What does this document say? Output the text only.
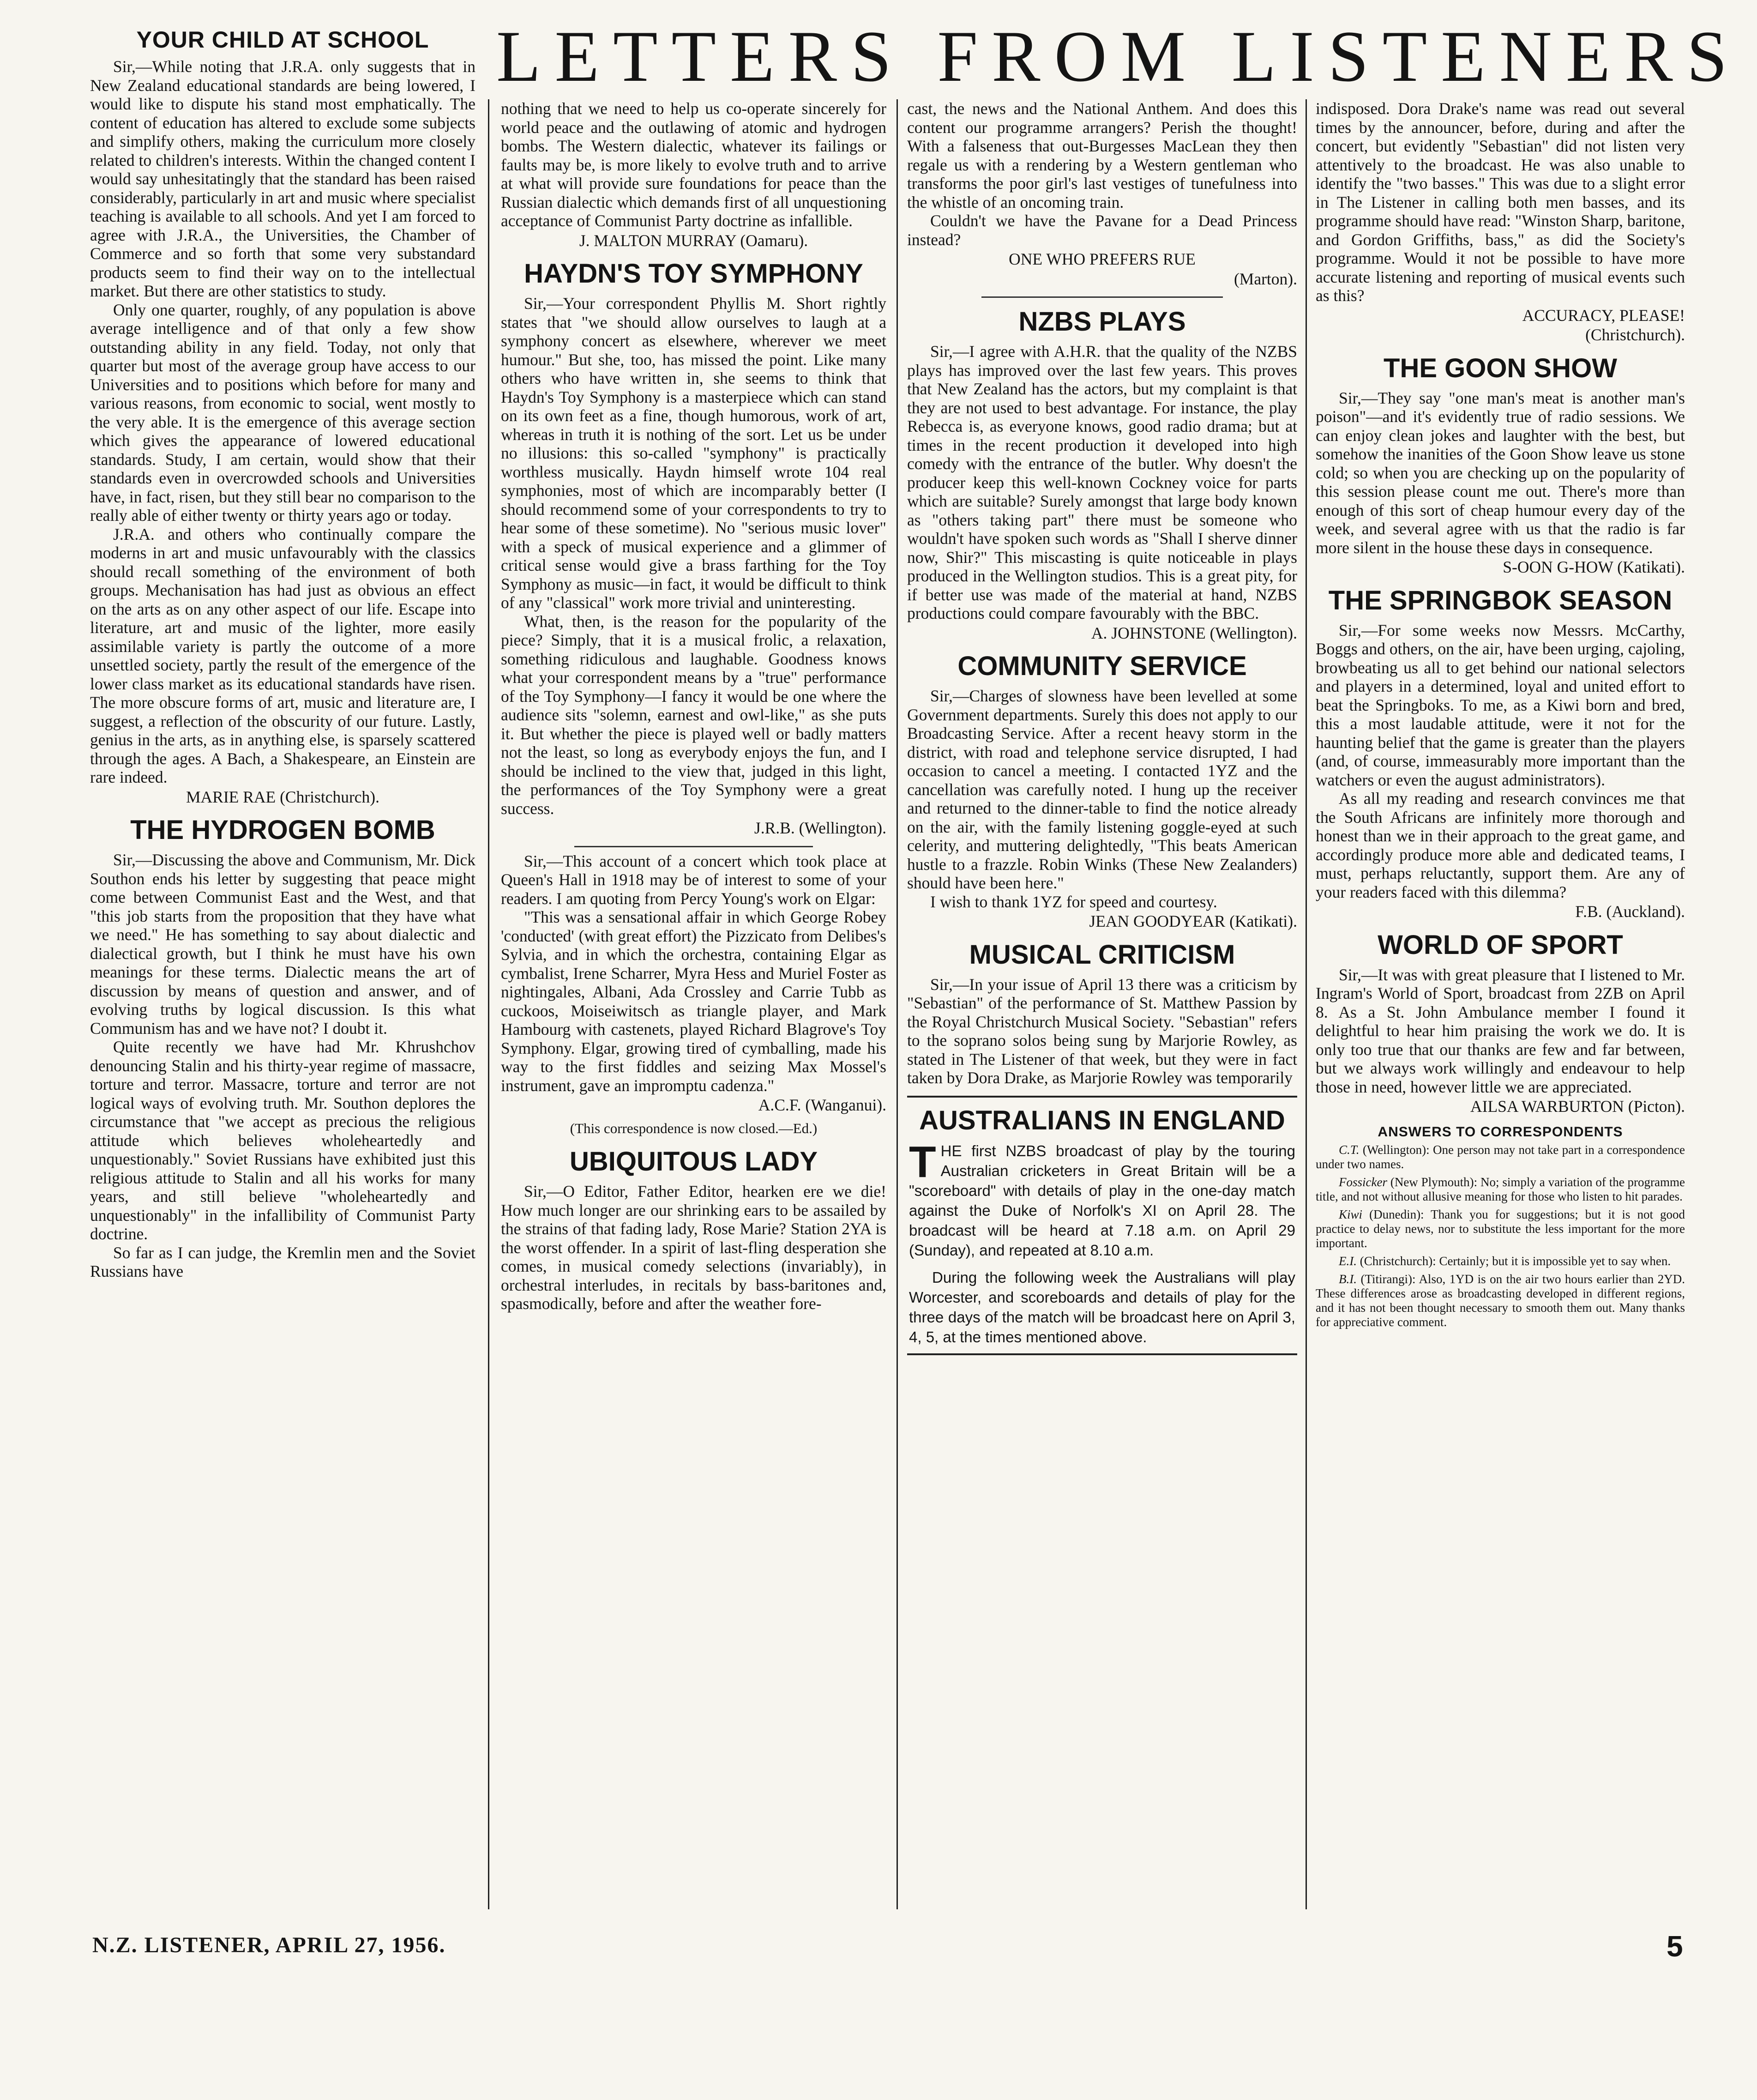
LETTERS FROM LISTENERS
YOUR CHILD AT SCHOOL

Sir,—While noting that J.R.A. only suggests that in New Zealand educational standards are being lowered, I would like to dispute his stand most emphatically. The content of education has altered to exclude some subjects and simplify others, making the curriculum more closely related to children's interests. Within the changed content I would say unhesitatingly that the standard has been raised considerably, particularly in art and music where specialist teaching is available to all schools. And yet I am forced to agree with J.R.A., the Universities, the Chamber of Commerce and so forth that some very substandard products seem to find their way on to the intellectual market. But there are other statistics to study.

Only one quarter, roughly, of any population is above average intelligence and of that only a few show outstanding ability in any field. Today, not only that quarter but most of the average group have access to our Universities and to positions which before for many and various reasons, from economic to social, went mostly to the very able. It is the emergence of this average section which gives the appearance of lowered educational standards. Study, I am certain, would show that their standards even in overcrowded schools and Universities have, in fact, risen, but they still bear no comparison to the really able of either twenty or thirty years ago or today.

J.R.A. and others who continually compare the moderns in art and music unfavourably with the classics should recall something of the environment of both groups. Mechanisation has had just as obvious an effect on the arts as on any other aspect of our life. Escape into literature, art and music of the lighter, more easily assimilable variety is partly the outcome of a more unsettled society, partly the result of the emergence of the lower class market as its educational standards have risen. The more obscure forms of art, music and literature are, I suggest, a reflection of the obscurity of our future. Lastly, genius in the arts, as in anything else, is sparsely scattered through the ages. A Bach, a Shakespeare, an Einstein are rare indeed.

MARIE RAE (Christchurch).

THE HYDROGEN BOMB

Sir,—Discussing the above and Communism, Mr. Dick Southon ends his letter by suggesting that peace might come between Communist East and the West, and that "this job starts from the proposition that they have what we need." He has something to say about dialectic and dialectical growth, but I think he must have his own meanings for these terms. Dialectic means the art of discussion by means of question and answer, and of evolving truths by logical discussion. Is this what Communism has and we have not? I doubt it.

Quite recently we have had Mr. Khrushchov denouncing Stalin and his thirty-year regime of massacre, torture and terror. Massacre, torture and terror are not logical ways of evolving truth. Mr. Southon deplores the circumstance that "we accept as precious the religious attitude which believes wholeheartedly and unquestionably." Soviet Russians have exhibited just this religious attitude to Stalin and all his works for many years, and still believe "wholeheartedly and unquestionably" in the infallibility of Communist Party doctrine.

So far as I can judge, the Kremlin men and the Soviet Russians have

nothing that we need to help us co-operate sincerely for world peace and the outlawing of atomic and hydrogen bombs. The Western dialectic, whatever its failings or faults may be, is more likely to evolve truth and to arrive at what will provide sure foundations for peace than the Russian dialectic which demands first of all unquestioning acceptance of Communist Party doctrine as infallible.

J. MALTON MURRAY (Oamaru).

HAYDN'S TOY SYMPHONY

Sir,—Your correspondent Phyllis M. Short rightly states that "we should allow ourselves to laugh at a symphony concert as elsewhere, wherever we meet humour." But she, too, has missed the point. Like many others who have written in, she seems to think that Haydn's Toy Symphony is a masterpiece which can stand on its own feet as a fine, though humorous, work of art, whereas in truth it is nothing of the sort. Let us be under no illusions: this so-called "symphony" is practically worthless musically. Haydn himself wrote 104 real symphonies, most of which are incomparably better (I should recommend some of your correspondents to try to hear some of these sometime). No "serious music lover" with a speck of musical experience and a glimmer of critical sense would give a brass farthing for the Toy Symphony as music—in fact, it would be difficult to think of any "classical" work more trivial and uninteresting.

What, then, is the reason for the popularity of the piece? Simply, that it is a musical frolic, a relaxation, something ridiculous and laughable. Goodness knows what your correspondent means by a "true" performance of the Toy Symphony—I fancy it would be one where the audience sits "solemn, earnest and owl-like," as she puts it. But whether the piece is played well or badly matters not the least, so long as everybody enjoys the fun, and I should be inclined to the view that, judged in this light, the performances of the Toy Symphony were a great success.

J.R.B. (Wellington).

Sir,—This account of a concert which took place at Queen's Hall in 1918 may be of interest to some of your readers. I am quoting from Percy Young's work on Elgar:

"This was a sensational affair in which George Robey 'conducted' (with great effort) the Pizzicato from Delibes's Sylvia, and in which the orchestra, containing Elgar as cymbalist, Irene Scharrer, Myra Hess and Muriel Foster as nightingales, Albani, Ada Crossley and Carrie Tubb as cuckoos, Moiseiwitsch as triangle player, and Mark Hambourg with castenets, played Richard Blagrove's Toy Symphony. Elgar, growing tired of cymballing, made his way to the first fiddles and seizing Max Mossel's instrument, gave an impromptu cadenza."

A.C.F. (Wanganui).

(This correspondence is now closed.—Ed.)

UBIQUITOUS LADY

Sir,—O Editor, Father Editor, hearken ere we die! How much longer are our shrinking ears to be assailed by the strains of that fading lady, Rose Marie? Station 2YA is the worst offender. In a spirit of last-fling desperation she comes, in musical comedy selections (invariably), in orchestral interludes, in recitals by bass-baritones and, spasmodically, before and after the weather fore-

cast, the news and the National Anthem. And does this content our programme arrangers? Perish the thought! With a falseness that out-Burgesses MacLean they then regale us with a rendering by a Western gentleman who transforms the poor girl's last vestiges of tunefulness into the whistle of an oncoming train.

Couldn't we have the Pavane for a Dead Princess instead?

ONE WHO PREFERS RUE

(Marton).

NZBS PLAYS

Sir,—I agree with A.H.R. that the quality of the NZBS plays has improved over the last few years. This proves that New Zealand has the actors, but my complaint is that they are not used to best advantage. For instance, the play Rebecca is, as everyone knows, good radio drama; but at times in the recent production it developed into high comedy with the entrance of the butler. Why doesn't the producer keep this well-known Cockney voice for parts which are suitable? Surely amongst that large body known as "others taking part" there must be someone who wouldn't have spoken such words as "Shall I sherve dinner now, Shir?" This miscasting is quite noticeable in plays produced in the Wellington studios. This is a great pity, for if better use was made of the material at hand, NZBS productions could compare favourably with the BBC.

A. JOHNSTONE (Wellington).

COMMUNITY SERVICE

Sir,—Charges of slowness have been levelled at some Government departments. Surely this does not apply to our Broadcasting Service. After a recent heavy storm in the district, with road and telephone service disrupted, I had occasion to cancel a meeting. I contacted 1YZ and the cancellation was carefully noted. I hung up the receiver and returned to the dinner-table to find the notice already on the air, with the family listening goggle-eyed at such celerity, and muttering delightedly, "This beats American hustle to a frazzle. Robin Winks (These New Zealanders) should have been here."

I wish to thank 1YZ for speed and courtesy.

JEAN GOODYEAR (Katikati).

MUSICAL CRITICISM

Sir,—In your issue of April 13 there was a criticism by "Sebastian" of the performance of St. Matthew Passion by the Royal Christchurch Musical Society. "Sebastian" refers to the soprano solos being sung by Marjorie Rowley, as stated in The Listener of that week, but they were in fact taken by Dora Drake, as Marjorie Rowley was temporarily

AUSTRALIANS IN ENGLAND

THE first NZBS broadcast of play by the touring Australian cricketers in Great Britain will be a "scoreboard" with details of play in the one-day match against the Duke of Norfolk's XI on April 28. The broadcast will be heard at 7.18 a.m. on April 29 (Sunday), and repeated at 8.10 a.m.

During the following week the Australians will play Worcester, and scoreboards and details of play for the three days of the match will be broadcast here on April 3, 4, 5, at the times mentioned above.

indisposed. Dora Drake's name was read out several times by the announcer, before, during and after the concert, but evidently "Sebastian" did not listen very attentively to the broadcast. He was also unable to identify the "two basses." This was due to a slight error in The Listener in calling both men basses, and its programme should have read: "Winston Sharp, baritone, and Gordon Griffiths, bass," as did the Society's programme. Would it not be possible to have more accurate listening and reporting of musical events such as this?

ACCURACY, PLEASE!

(Christchurch).

THE GOON SHOW

Sir,—They say "one man's meat is another man's poison"—and it's evidently true of radio sessions. We can enjoy clean jokes and laughter with the best, but somehow the inanities of the Goon Show leave us stone cold; so when you are checking up on the popularity of this session please count me out. There's more than enough of this sort of cheap humour every day of the week, and several agree with us that the radio is far more silent in the house these days in consequence.

S-OON G-HOW (Katikati).

THE SPRINGBOK SEASON

Sir,—For some weeks now Messrs. McCarthy, Boggs and others, on the air, have been urging, cajoling, browbeating us all to get behind our national selectors and players in a determined, loyal and united effort to beat the Springboks. To me, as a Kiwi born and bred, this a most laudable attitude, were it not for the haunting belief that the game is greater than the players (and, of course, immeasurably more important than the watchers or even the august administrators).

As all my reading and research convinces me that the South Africans are infinitely more thorough and honest than we in their approach to the great game, and accordingly produce more able and dedicated teams, I must, perhaps reluctantly, support them. Are any of your readers faced with this dilemma?

F.B. (Auckland).

WORLD OF SPORT

Sir,—It was with great pleasure that I listened to Mr. Ingram's World of Sport, broadcast from 2ZB on April 8. As a St. John Ambulance member I found it delightful to hear him praising the work we do. It is only too true that our thanks are few and far between, but we always work willingly and endeavour to help those in need, however little we are appreciated.

AILSA WARBURTON (Picton).

ANSWERS TO CORRESPONDENTS

C.T. (Wellington): One person may not take part in a correspondence under two names.

Fossicker (New Plymouth): No; simply a variation of the programme title, and not without allusive meaning for those who listen to hit parades.

Kiwi (Dunedin): Thank you for suggestions; but it is not good practice to delay news, nor to substitute the less important for the more important.

E.I. (Christchurch): Certainly; but it is impossible yet to say when.

B.I. (Titirangi): Also, 1YD is on the air two hours earlier than 2YD. These differences arose as broadcasting developed in different regions, and it has not been thought necessary to smooth them out. Many thanks for appreciative comment.

N.Z. LISTENER, APRIL 27, 1956.	5
